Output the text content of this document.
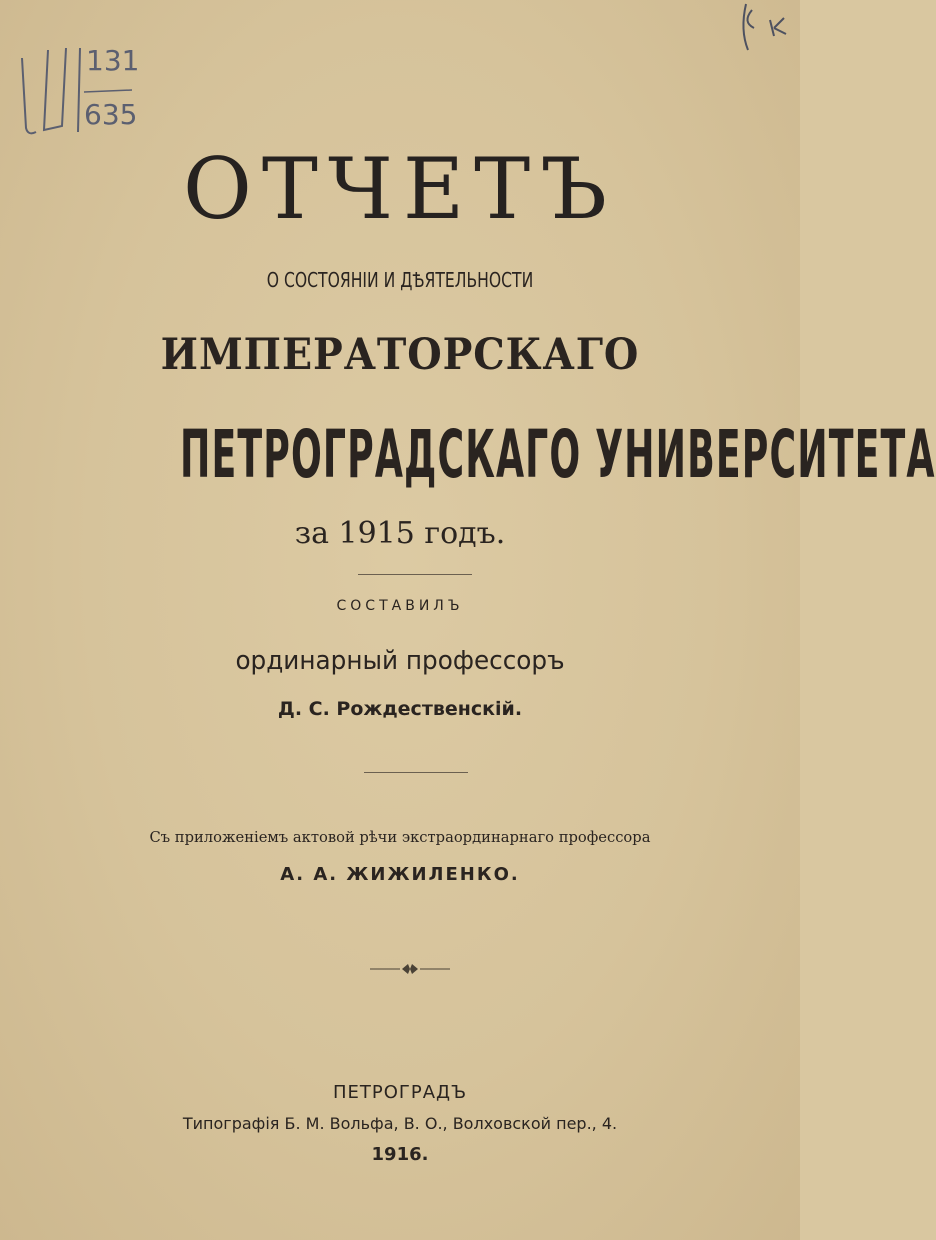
131
635
ОТЧЕТЪ
О СОСТОЯНІИ И ДѢЯТЕЛЬНОСТИ
ИМПЕРАТОРСКАГО
ПЕТРОГРАДСКАГО УНИВЕРСИТЕТА
за 1915 годъ.
СОСТАВИЛЪ
ординарный профессоръ
Д. С. Рождественскій.
Съ приложеніемъ актовой рѣчи экстраординарнаго профессора
А. А. ЖИЖИЛЕНКО.
ПЕТРОГРАДЪ
Типографія Б. М. Вольфа, В. О., Волховской пер., 4.
1916.
